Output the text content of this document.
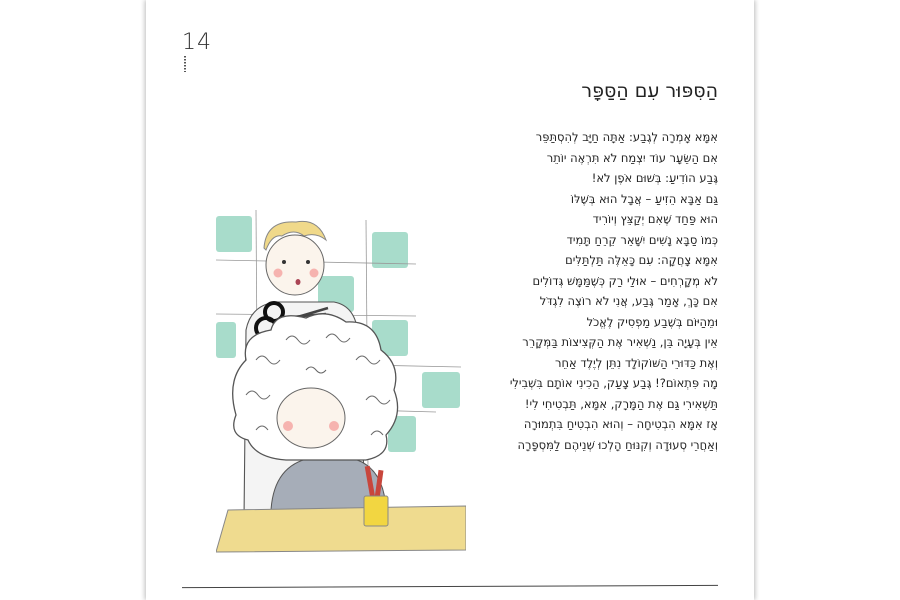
14
הַסִּפּוּר עִם הַסַּפָּר
אִמָּא אָמְרָה לְגֶבַע: אַתָּה חַיָּב לְהִסְתַּפֵּר
אִם הַשֵּׂעָר עוֹד יִצְמַח לֹא תִּרְאֶה יוֹתֵר
גֶּבַע הוֹדִיעַ: בְּשׁוּם אֹפֶן לֹא!
גַּם אַבָּא הֵזִיעַ – אֲבָל הוּא בְּשֶׁלּוֹ
הוּא פַּחַד שֶׁאִם יְקַצֵּץ וְיוֹרִיד
כְּמוֹ סַבָּא נָשִׁים יִשָּׁאֵר קֵרֵחַ תָּמִיד
אִמָּא צָחֲקָה: עִם כָּאֵלֶּה תַּלְתַּלִּים
לֹא מְקָרְחִים – אוּלַי רַק כְּשֶׁמַּמָּשׁ גְּדוֹלִים
אִם כָּךְ, אָמַר גֶּבַע, אֲנִי לֹא רוֹצֶה לִגְדֹּל
וּמֵהַיּוֹם בְּשֶׁבַע מַפְסִיק לֶאֱכֹל
אֵין בְּעָיָה בֵּן, נַשְׁאִיר אֶת הַקְּצִיצוֹת בַּמְּקָרֵר
וְאֶת כַּדּוּרֵי הַשּׁוֹקוֹלָד נִתֵּן לְיֶלֶד אַחֵר
מָה פִּתְאוֹם?! גֶּבַע צָעַק, הַכִינִי אוֹתָם בִּשְׁבִילִי
תַּשְׁאִירִי גַּם אֶת הַמָּרָק, אִמָּא, תַּבְטִיחִי לִי!
אָז אִמָּא הִבְטִיחָה – וְהוּא הִבְטִיחַ בִּתְמוּרָה
וְאַחֲרֵי סְעוּדָה וְקִנּוּחַ הָלְכוּ שְׁנֵיהֶם לַמִּסְפָּרָה
